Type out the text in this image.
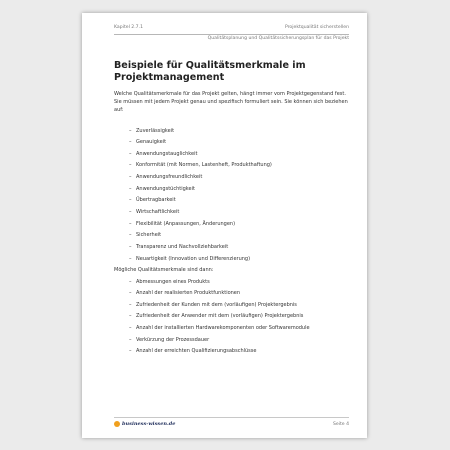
Kapitel 2.7.1	Projektqualität sicherstellen
Qualitätsplanung und Qualitätssicherungsplan für das Projekt
Beispiele für Qualitätsmerkmale im Projektmanagement
Welche Qualitätsmerkmale für das Projekt gelten, hängt immer vom Projektgegenstand fest. Sie müssen mit jedem Projekt genau und spezifisch formuliert sein. Sie können sich beziehen auf:
– Zuverlässigkeit
– Genauigkeit
– Anwendungstauglichkeit
– Konformität (mit Normen, Lastenheft, Produkthaftung)
– Anwendungsfreundlichkeit
– Anwendungstüchtigkeit
– Übertragbarkeit
– Wirtschaftlichkeit
– Flexibilität (Anpassungen, Änderungen)
– Sicherheit
– Transparenz und Nachvollziehbarkeit
– Neuartigkeit (Innovation und Differenzierung)
Mögliche Qualitätsmerkmale sind dann:
– Abmessungen eines Produkts
– Anzahl der realisierten Produktfunktionen
– Zufriedenheit der Kunden mit dem (vorläufigen) Projektergebnis
– Zufriedenheit der Anwender mit dem (vorläufigen) Projektergebnis
– Anzahl der installierten Hardwarekomponenten oder Softwaremodule
– Verkürzung der Prozessdauer
– Anzahl der erreichten Qualifizierungsabschlüsse
business-wissen.de	Seite 4
